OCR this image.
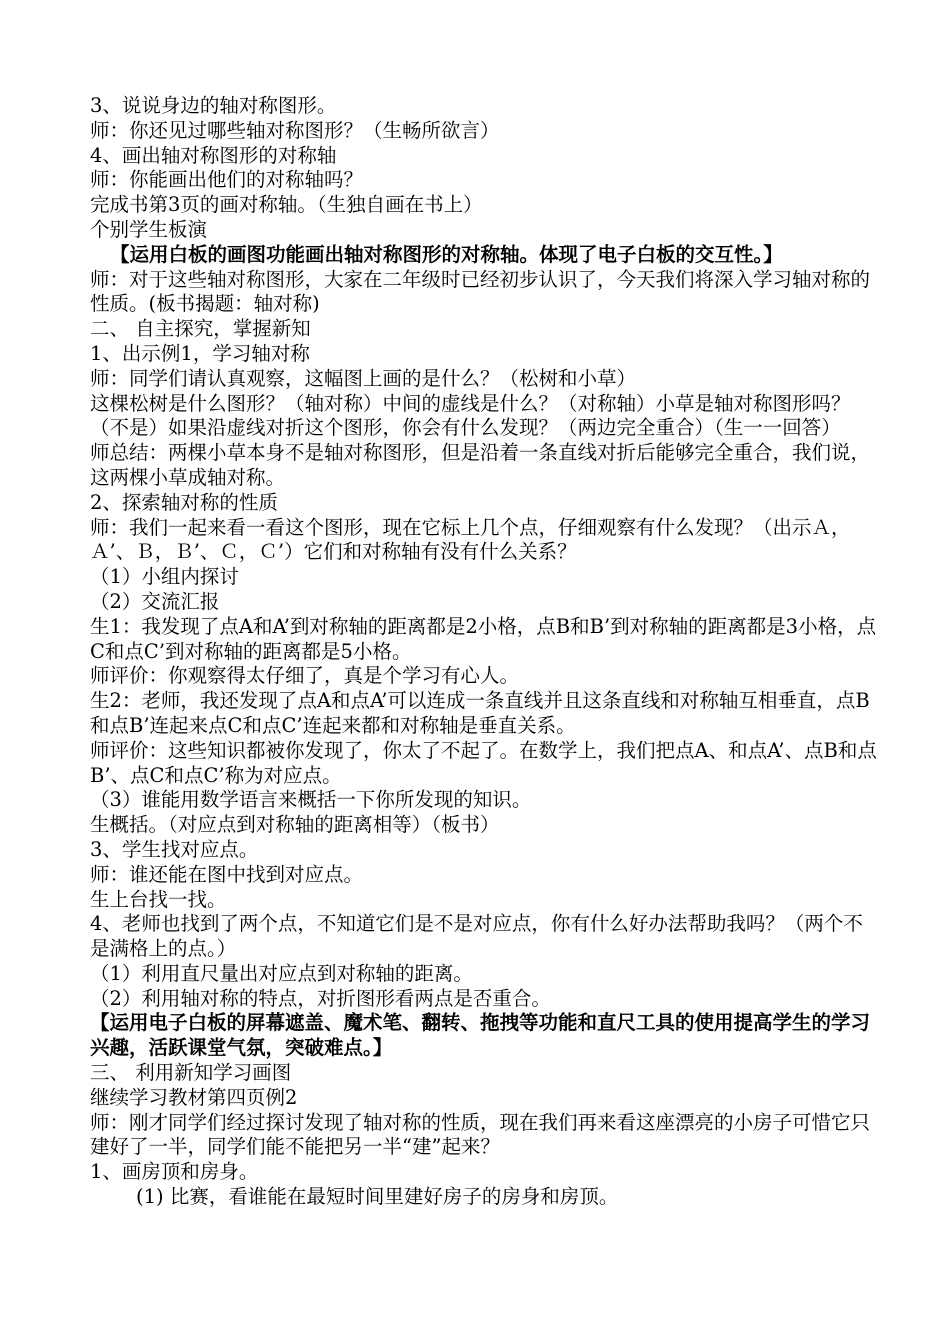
3、说说身边的轴对称图形。

师：你还见过哪些轴对称图形？（生畅所欲言）

4、画出轴对称图形的对称轴

师：你能画出他们的对称轴吗？

完成书第3页的画对称轴。（生独自画在书上）

个别学生板演

【运用白板的画图功能画出轴对称图形的对称轴。体现了电子白板的交互性。】

师：对于这些轴对称图形，大家在二年级时已经初步认识了，今天我们将深入学习轴对称的性质。(板书揭题：轴对称)

二、 自主探究，掌握新知

1、出示例1，学习轴对称

师：同学们请认真观察，这幅图上画的是什么？（松树和小草）

这棵松树是什么图形？（轴对称）中间的虚线是什么？（对称轴）小草是轴对称图形吗？（不是）如果沿虚线对折这个图形，你会有什么发现？（两边完全重合）（生一一回答）

师总结：两棵小草本身不是轴对称图形，但是沿着一条直线对折后能够完全重合，我们说，这两棵小草成轴对称。

2、探索轴对称的性质

师：我们一起来看一看这个图形，现在它标上几个点，仔细观察有什么发现？（出示Ａ，Ａ’、Ｂ，Ｂ’、Ｃ，Ｃ’）它们和对称轴有没有什么关系？

（1）小组内探讨

（2）交流汇报

生1：我发现了点A和A’到对称轴的距离都是2小格，点B和B’到对称轴的距离都是3小格，点C和点C’到对称轴的距离都是5小格。

师评价：你观察得太仔细了，真是个学习有心人。

生2：老师，我还发现了点A和点A’可以连成一条直线并且这条直线和对称轴互相垂直，点B和点B’连起来点C和点C’连起来都和对称轴是垂直关系。

师评价：这些知识都被你发现了，你太了不起了。在数学上，我们把点A、和点A’、点B和点B’、点C和点C’称为对应点。

（3）谁能用数学语言来概括一下你所发现的知识。

生概括。（对应点到对称轴的距离相等）（板书）

3、学生找对应点。

师：谁还能在图中找到对应点。

生上台找一找。

4、老师也找到了两个点，不知道它们是不是对应点，你有什么好办法帮助我吗？（两个不是满格上的点。）

（1）利用直尺量出对应点到对称轴的距离。

（2）利用轴对称的特点，对折图形看两点是否重合。

【运用电子白板的屏幕遮盖、魔术笔、翻转、拖拽等功能和直尺工具的使用提高学生的学习兴趣，活跃课堂气氛，突破难点。】

三、 利用新知学习画图

继续学习教材第四页例2

师：刚才同学们经过探讨发现了轴对称的性质，现在我们再来看这座漂亮的小房子可惜它只建好了一半，同学们能不能把另一半“建”起来？

1、画房顶和房身。

(1) 比赛，看谁能在最短时间里建好房子的房身和房顶。
